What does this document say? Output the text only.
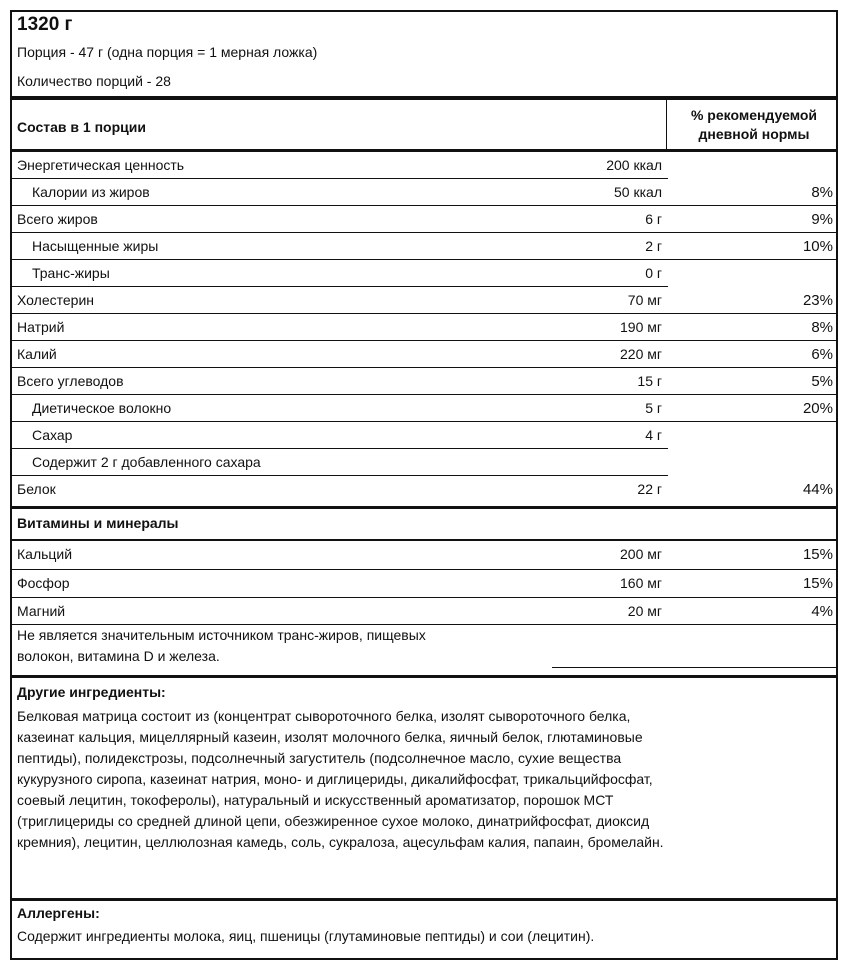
1320 г
Порция - 47 г (одна порция = 1 мерная ложка)
Количество порций - 28
Состав в 1 порции
% рекомендуемой
дневной нормы
Энергетическая ценность	200 ккал
Калории из жиров	50 ккал	8%
Всего жиров	6 г	9%
Насыщенные жиры	2 г	10%
Транс-жиры	0 г
Холестерин	70 мг	23%
Натрий	190 мг	8%
Калий	220 мг	6%
Всего углеводов	15 г	5%
Диетическое волокно	5 г	20%
Сахар	4 г
Содержит 2 г добавленного сахара
Белок	22 г	44%
Витамины и минералы
Кальций	200 мг	15%
Фосфор	160 мг	15%
Магний	20 мг	4%
Не является значительным источником транс-жиров, пищевых
волокон, витамина D и железа.
Другие ингредиенты:
Белковая матрица состоит из (концентрат сывороточного белка, изолят сывороточного белка,
казеинат кальция, мицеллярный казеин, изолят молочного белка, яичный белок, глютаминовые
пептиды), полидекстрозы, подсолнечный загуститель (подсолнечное масло, сухие вещества
кукурузного сиропа, казеинат натрия, моно- и диглицериды, дикалийфосфат, трикальцийфосфат,
соевый лецитин, токоферолы), натуральный и искусственный ароматизатор, порошок МСТ
(триглицериды со средней длиной цепи, обезжиренное сухое молоко, динатрийфосфат, диоксид
кремния), лецитин, целлюлозная камедь, соль, сукралоза, ацесульфам калия, папаин, бромелайн.
Аллергены:
Содержит ингредиенты молока, яиц, пшеницы (глутаминовые пептиды) и сои (лецитин).
